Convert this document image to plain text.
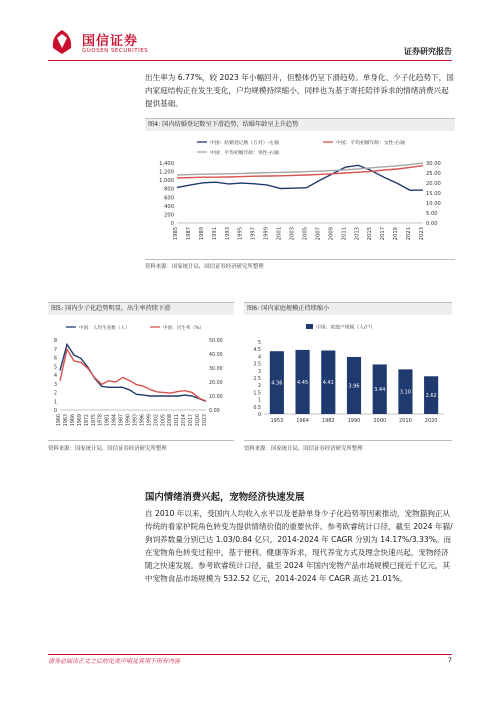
国信证券
GUOSEN SECURITIES	证券研究报告

出生率为 6.77%，较 2023 年小幅回升，但整体仍呈下滑趋势。单身化、少子化趋势下，国内家庭结构正在发生变化，户均规模持续缩小，同样也为基于寄托陪伴诉求的情绪消费兴起提供基础。

图4: 国内结婚登记数呈下滑趋势，结婚年龄呈上升趋势
中国：结婚登记数（万对）-左轴	中国：平均初婚年龄：女性-右轴
中国：平均初婚年龄：男性-右轴
0
200
400
600
800
1,000
1,200
1,400
0.00
5.00
10.00
15.00
20.00
25.00
30.00
1985 1987 1989 1991 1993 1995 1997 1999 2001 2003 2005 2007 2009 2011 2013 2015 2017 2019 2021 2023
资料来源：国家统计局，国信证券经济研究所整理
图5: 国内少子化趋势明显，出生率持续下滑
中国：人均生育数（人）	中国：出生率（%）
0
1
2
3
4
5
6
7
8
0.00
10.00
20.00
30.00
40.00
50.00
1960 1963 1966 1969 1972 1975 1978 1981 1984 1987 1990 1993 1996 1999 2002 2005 2008 2011 2014 2017 2020 2023
资料来源：国家统计局，国信证券经济研究所整理
图6: 国内家庭规模正持续缩小
中国：家庭户规模（人/户）
0
0.5
1
1.5
2
2.5
3
3.5
4
4.5
5
4.36
1953
4.45
1964
4.41
1982
3.96
1990
3.44
2000
3.10
2010
2.62
2020
资料来源：国家统计局，国信证券经济研究所整理
国内情绪消费兴起，宠物经济快速发展

自 2010 年以来，受国内人均收入水平以及老龄单身少子化趋势等因素推动，宠物猫狗正从传统的看家护院角色转变为提供情绪价值的重要伙伴。参考欧睿统计口径，截至 2024 年猫/狗饲养数量分别已达 1.03/0.84 亿只，2014-2024 年 CAGR 分别为 14.17%/3.33%。而在宠物角色转变过程中，基于便利、健康等诉求，现代养宠方式及理念快速兴起，宠物经济随之快速发展。参考欧睿统计口径，截至 2024 年国内宠物产品市场规模已接近千亿元，其中宠物食品市场规模为 532.52 亿元，2014-2024 年 CAGR 高达 21.01%。

请务必阅读正文之后的免责声明及其项下所有内容	7
